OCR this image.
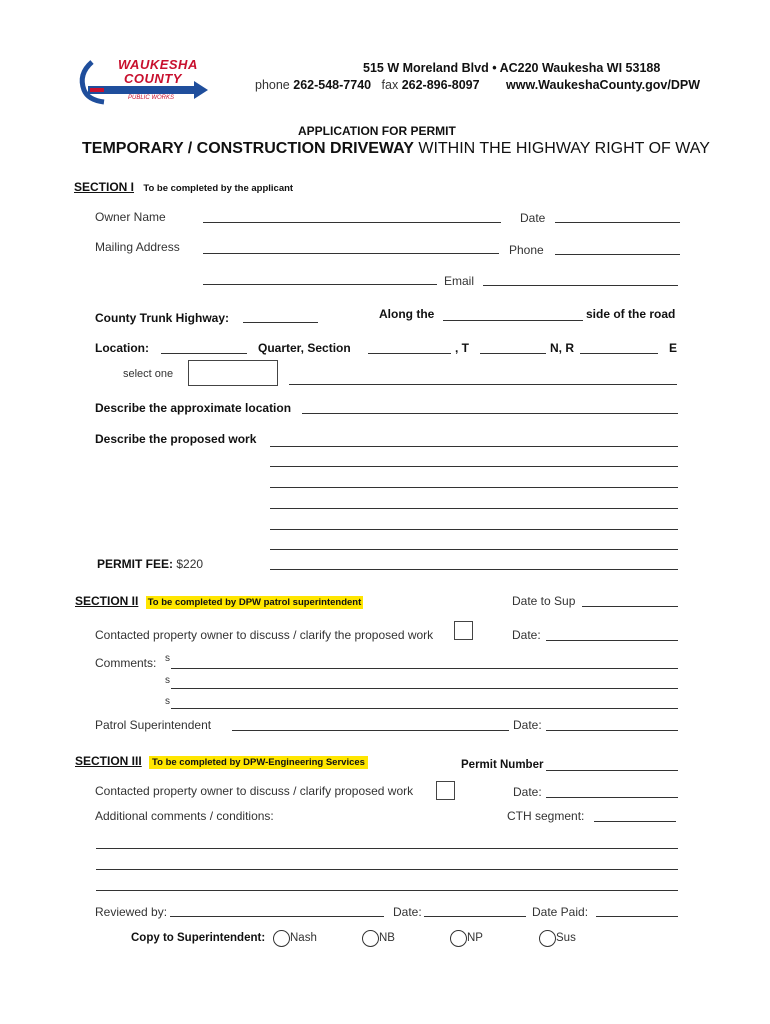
WAUKESHA
COUNTY
PUBLIC WORKS
515 W Moreland Blvd • AC220 Waukesha WI 53188
phone 262-548-7740 fax 262-896-8097 www.WaukeshaCounty.gov/DPW
APPLICATION FOR PERMIT
TEMPORARY / CONSTRUCTION DRIVEWAY WITHIN THE HIGHWAY RIGHT OF WAY
SECTION I To be completed by the applicant
Owner Name	Date
Mailing Address	Phone
Email
County Trunk Highway:	Along the	side of the road
Location:	Quarter, Section	, T	N, R	E
select one
Describe the approximate location
Describe the proposed work
PERMIT FEE: $220
SECTION II To be completed by DPW patrol superintendent	Date to Sup
Contacted property owner to discuss / clarify the proposed work	Date:
Comments: s
s
s
Patrol Superintendent	Date:
SECTION III To be completed by DPW-Engineering Services	Permit Number
Contacted property owner to discuss / clarify proposed work	Date:
Additional comments / conditions:	CTH segment:
Reviewed by:	Date:	Date Paid:
Copy to Superintendent: Nash	NB	NP	Sus
